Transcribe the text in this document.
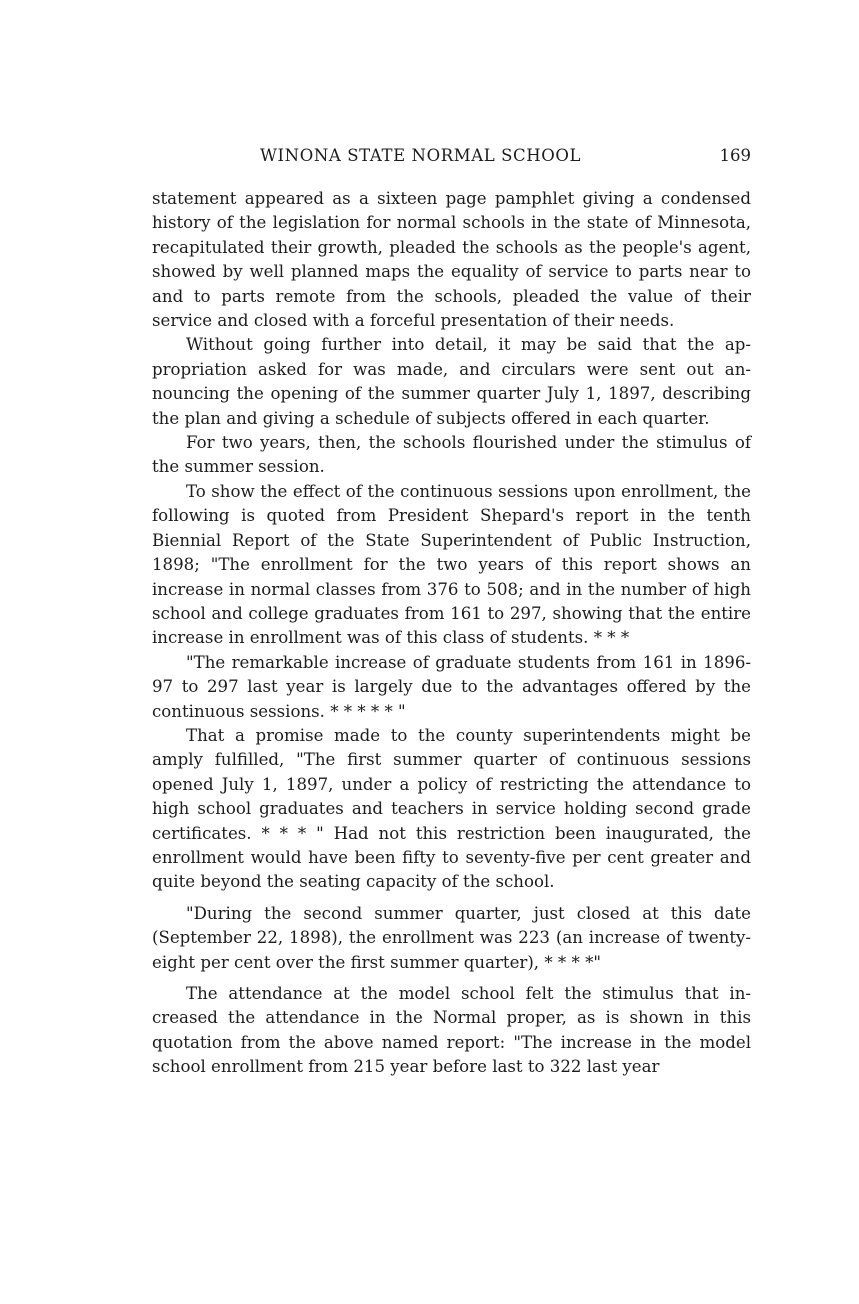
WINONA STATE NORMAL SCHOOL	169

statement appeared as a sixteen page pamphlet giving a condensed history of the legislation for normal schools in the state of Minnesota, recapitulated their growth, pleaded the schools as the people's agent, showed by well planned maps the equality of service to parts near to and to parts remote from the schools, pleaded the value of their service and closed with a forceful presentation of their needs.

Without going further into detail, it may be said that the appropriation asked for was made, and circulars were sent out announcing the opening of the summer quarter July 1, 1897, describing the plan and giving a schedule of subjects offered in each quarter.

For two years, then, the schools flourished under the stimulus of the summer session.

To show the effect of the continuous sessions upon enrollment, the following is quoted from President Shepard's report in the tenth Biennial Report of the State Superintendent of Public Instruction, 1898; "The enrollment for the two years of this report shows an increase in normal classes from 376 to 508; and in the number of high school and college graduates from 161 to 297, showing that the entire increase in enrollment was of this class of students. * * *

"The remarkable increase of graduate students from 161 in 1896-97 to 297 last year is largely due to the advantages offered by the continuous sessions. * * * * * "

That a promise made to the county superintendents might be amply fulfilled, "The first summer quarter of continuous sessions opened July 1, 1897, under a policy of restricting the attendance to high school graduates and teachers in service holding second grade certificates. * * * " Had not this restriction been inaugurated, the enrollment would have been fifty to seventy-five per cent greater and quite beyond the seating capacity of the school.

"During the second summer quarter, just closed at this date (September 22, 1898), the enrollment was 223 (an increase of twenty-eight per cent over the first summer quarter), * * * *"

The attendance at the model school felt the stimulus that increased the attendance in the Normal proper, as is shown in this quotation from the above named report: "The increase in the model school enrollment from 215 year before last to 322 last year
